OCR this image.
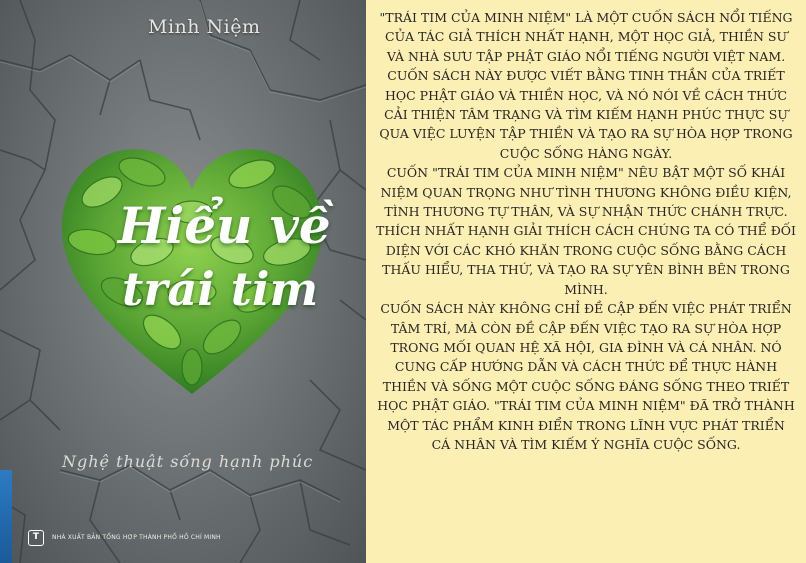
Minh Niệm
Hiểu về
trái tim
Nghệ thuật sống hạnh phúc
T	NHÀ XUẤT BẢN TỔNG HỢP THÀNH PHỐ HỒ CHÍ MINH

"TRÁI TIM CỦA MINH NIỆM" LÀ MỘT CUỐN SÁCH NỔI TIẾNG CỦA TÁC GIẢ THÍCH NHẤT HẠNH, MỘT HỌC GIẢ, THIỀN SƯ VÀ NHÀ SƯU TẬP PHẬT GIÁO NỔI TIẾNG NGƯỜI VIỆT NAM. CUỐN SÁCH NÀY ĐƯỢC VIẾT BẰNG TINH THẦN CỦA TRIẾT HỌC PHẬT GIÁO VÀ THIỀN HỌC, VÀ NÓ NÓI VỀ CÁCH THỨC CẢI THIỆN TÂM TRẠNG VÀ TÌM KIẾM HẠNH PHÚC THỰC SỰ QUA VIỆC LUYỆN TẬP THIỀN VÀ TẠO RA SỰ HÒA HỢP TRONG CUỘC SỐNG HÀNG NGÀY.

CUỐN "TRÁI TIM CỦA MINH NIỆM" NÊU BẬT MỘT SỐ KHÁI NIỆM QUAN TRỌNG NHƯ TÌNH THƯƠNG KHÔNG ĐIỀU KIỆN, TÌNH THƯƠNG TỰ THÂN, VÀ SỰ NHẬN THỨC CHÁNH TRỰC. THÍCH NHẤT HẠNH GIẢI THÍCH CÁCH CHÚNG TA CÓ THỂ ĐỐI DIỆN VỚI CÁC KHÓ KHĂN TRONG CUỘC SỐNG BẰNG CÁCH THẤU HIỂU, THA THỨ, VÀ TẠO RA SỰ YÊN BÌNH BÊN TRONG MÌNH.

CUỐN SÁCH NÀY KHÔNG CHỈ ĐỀ CẬP ĐẾN VIỆC PHÁT TRIỂN TÂM TRÍ, MÀ CÒN ĐỀ CẬP ĐẾN VIỆC TẠO RA SỰ HÒA HỢP TRONG MỐI QUAN HỆ XÃ HỘI, GIA ĐÌNH VÀ CÁ NHÂN. NÓ CUNG CẤP HƯỚNG DẪN VÀ CÁCH THỨC ĐỂ THỰC HÀNH THIỀN VÀ SỐNG MỘT CUỘC SỐNG ĐÁNG SỐNG THEO TRIẾT HỌC PHẬT GIÁO. "TRÁI TIM CỦA MINH NIỆM" ĐÃ TRỞ THÀNH MỘT TÁC PHẨM KINH ĐIỂN TRONG LĨNH VỰC PHÁT TRIỂN CÁ NHÂN VÀ TÌM KIẾM Ý NGHĨA CUỘC SỐNG.
